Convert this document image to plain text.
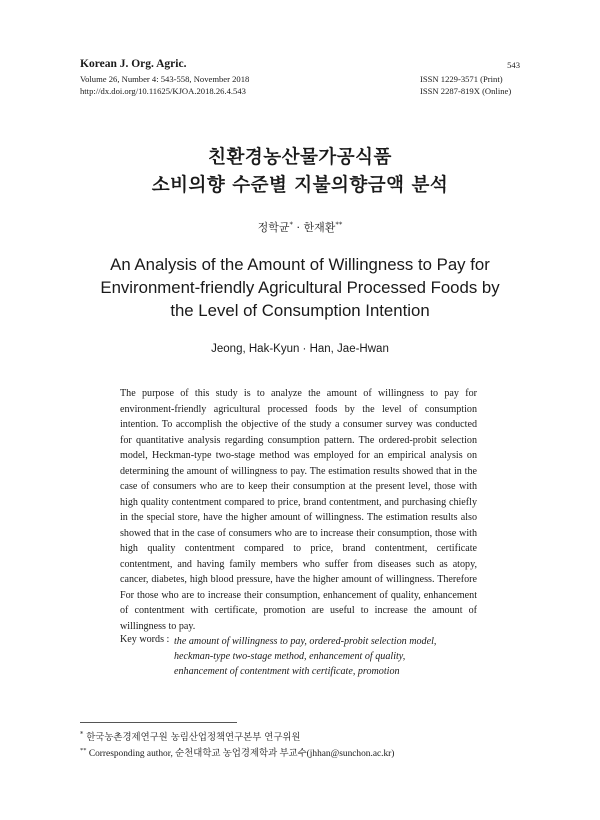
Korean J. Org. Agric.
Volume 26, Number 4: 543-558, November 2018
http://dx.doi.org/10.11625/KJOA.2018.26.4.543
543
ISSN 1229-3571 (Print)
ISSN 2287-819X (Online)
친환경농산물가공식품
소비의향 수준별 지불의향금액 분석
정학균* · 한재환**
An Analysis of the Amount of Willingness to Pay for
Environment-friendly Agricultural Processed Foods by
the Level of Consumption Intention
Jeong, Hak-Kyun · Han, Jae-Hwan
The purpose of this study is to analyze the amount of willingness to pay for environment-friendly agricultural processed foods by the level of consumption intention. To accomplish the objective of the study a consumer survey was conducted for quantitative analysis regarding consumption pattern. The ordered-probit selection model, Heckman-type two-stage method was employed for an empirical analysis on determining the amount of willingness to pay. The estimation results showed that in the case of consumers who are to keep their consumption at the present level, those with high quality contentment compared to price, brand contentment, and purchasing chiefly in the special store, have the higher amount of willingness. The estimation results also showed that in the case of consumers who are to increase their consumption, those with high quality contentment compared to price, brand contentment, certificate contentment, and having family members who suffer from diseases such as atopy, cancer, diabetes, high blood pressure, have the higher amount of willingness. Therefore For those who are to increase their consumption, enhancement of quality, enhancement of contentment with certificate, promotion are useful to increase the amount of willingness to pay.
Key words : the amount of willingness to pay, ordered-probit selection model,
heckman-type two-stage method, enhancement of quality,
enhancement of contentment with certificate, promotion
* 한국농촌경제연구원 농림산업정책연구본부 연구위원
** Corresponding author, 순천대학교 농업경제학과 부교수(jhhan@sunchon.ac.kr)
